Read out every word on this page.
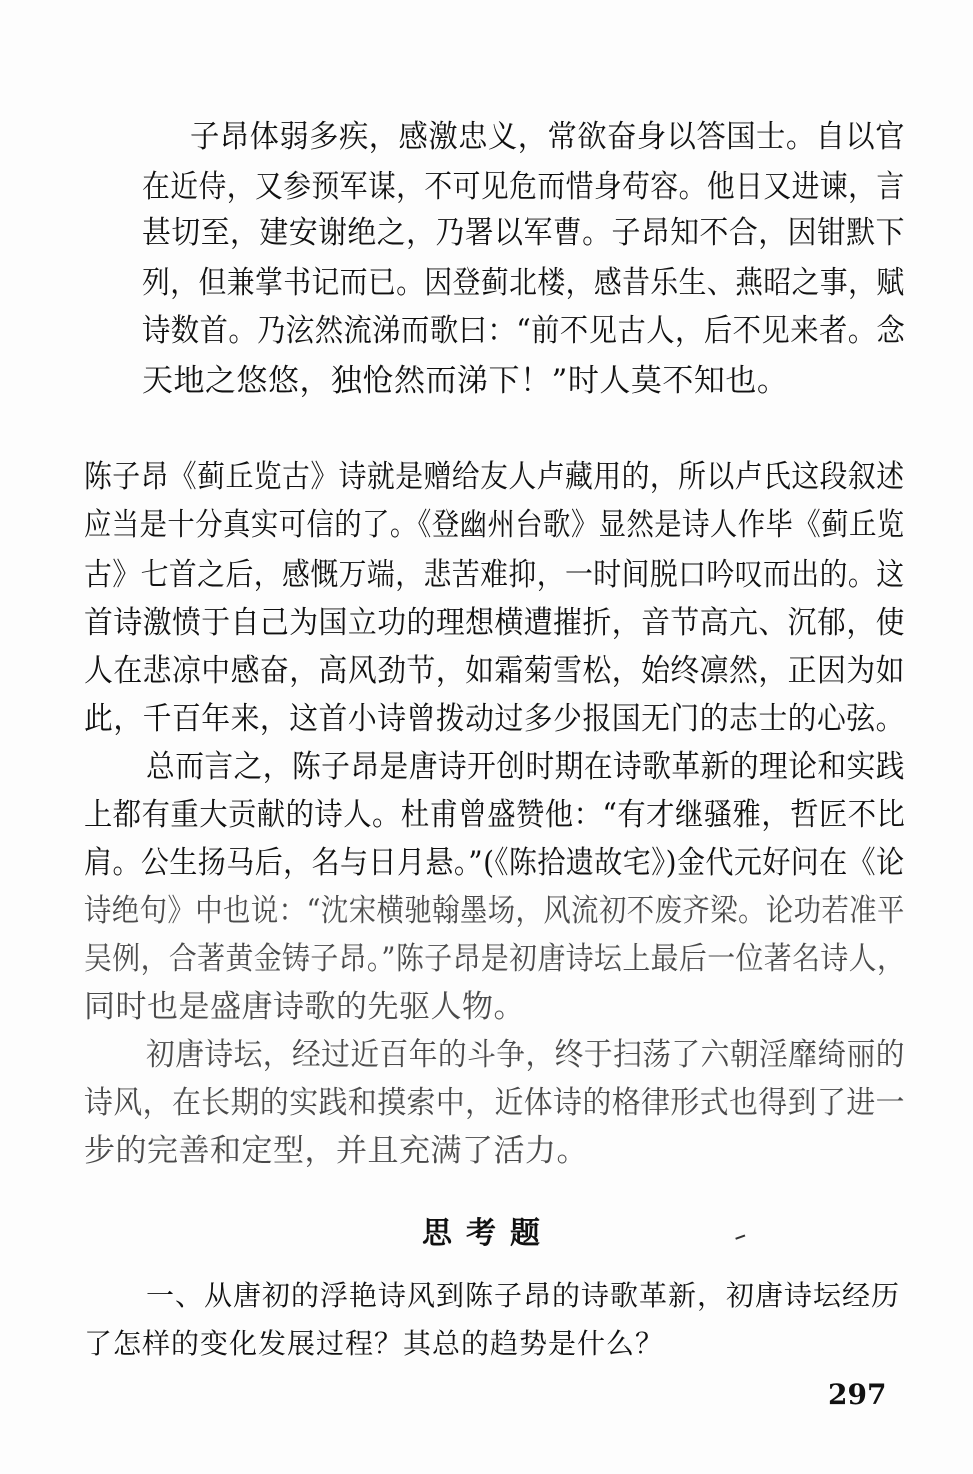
子昂体弱多疾，感激忠义，常欲奋身以答国士。自以官
在近侍，又参预军谋，不可见危而惜身苟容。他日又进谏，言
甚切至，建安谢绝之，乃署以军曹。子昂知不合，因钳默下
列，但兼掌书记而已。因登蓟北楼，感昔乐生、燕昭之事，赋
诗数首。乃泫然流涕而歌曰：“前不见古人，后不见来者。念
天地之悠悠，独怆然而涕下！”时人莫不知也。
陈子昂《蓟丘览古》诗就是赠给友人卢藏用的，所以卢氏这段叙述
应当是十分真实可信的了。《登幽州台歌》显然是诗人作毕《蓟丘览
古》七首之后，感慨万端，悲苦难抑，一时间脱口吟叹而出的。这
首诗激愤于自己为国立功的理想横遭摧折，音节高亢、沉郁，使
人在悲凉中感奋，高风劲节，如霜菊雪松，始终凛然，正因为如
此，千百年来，这首小诗曾拨动过多少报国无门的志士的心弦。
总而言之，陈子昂是唐诗开创时期在诗歌革新的理论和实践
上都有重大贡献的诗人。杜甫曾盛赞他：“有才继骚雅，哲匠不比
肩。公生扬马后，名与日月悬。”(《陈拾遗故宅》)金代元好问在《论
诗绝句》中也说：“沈宋横驰翰墨场，风流初不废齐梁。论功若准平
吴例，合著黄金铸子昂。”陈子昂是初唐诗坛上最后一位著名诗人，
同时也是盛唐诗歌的先驱人物。
初唐诗坛，经过近百年的斗争，终于扫荡了六朝淫靡绮丽的
诗风，在长期的实践和摸索中，近体诗的格律形式也得到了进一
步的完善和定型，并且充满了活力。
思考题
一、从唐初的浮艳诗风到陈子昂的诗歌革新，初唐诗坛经历
了怎样的变化发展过程？其总的趋势是什么？
297
